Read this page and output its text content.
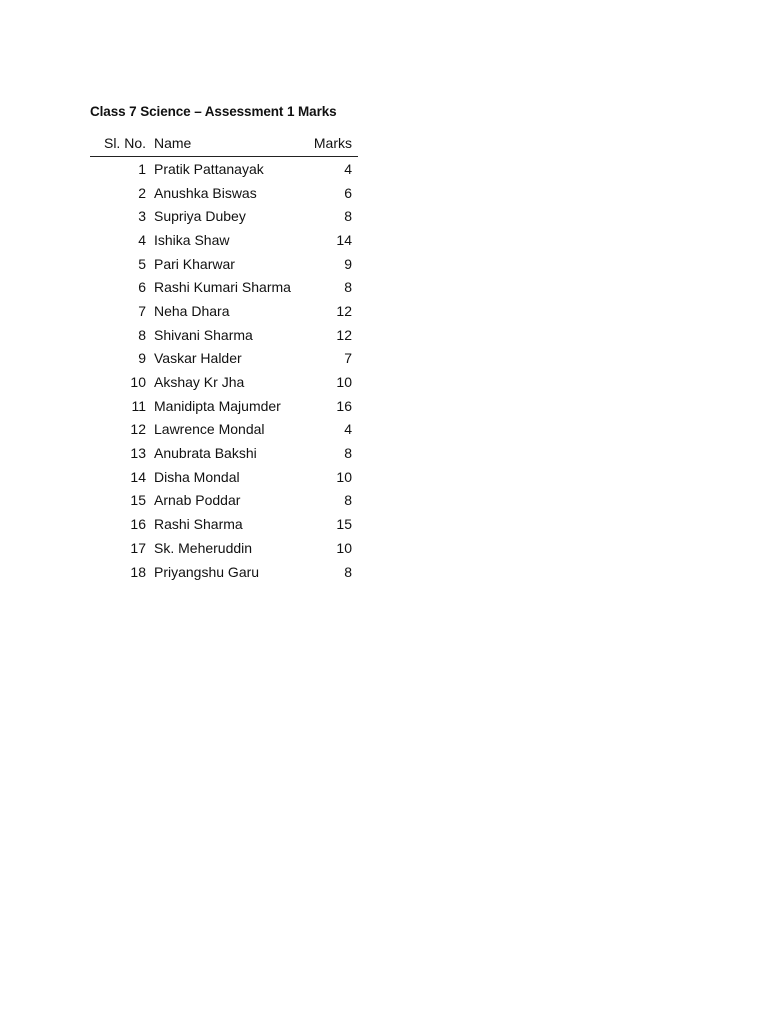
Class 7 Science – Assessment 1 Marks
Sl. No.	Name	Marks
1	Pratik Pattanayak	4
2	Anushka Biswas	6
3	Supriya Dubey	8
4	Ishika Shaw	14
5	Pari Kharwar	9
6	Rashi Kumari Sharma	8
7	Neha Dhara	12
8	Shivani Sharma	12
9	Vaskar Halder	7
10	Akshay Kr Jha	10
11	Manidipta Majumder	16
12	Lawrence Mondal	4
13	Anubrata Bakshi	8
14	Disha Mondal	10
15	Arnab Poddar	8
16	Rashi Sharma	15
17	Sk. Meheruddin	10
18	Priyangshu Garu	8
